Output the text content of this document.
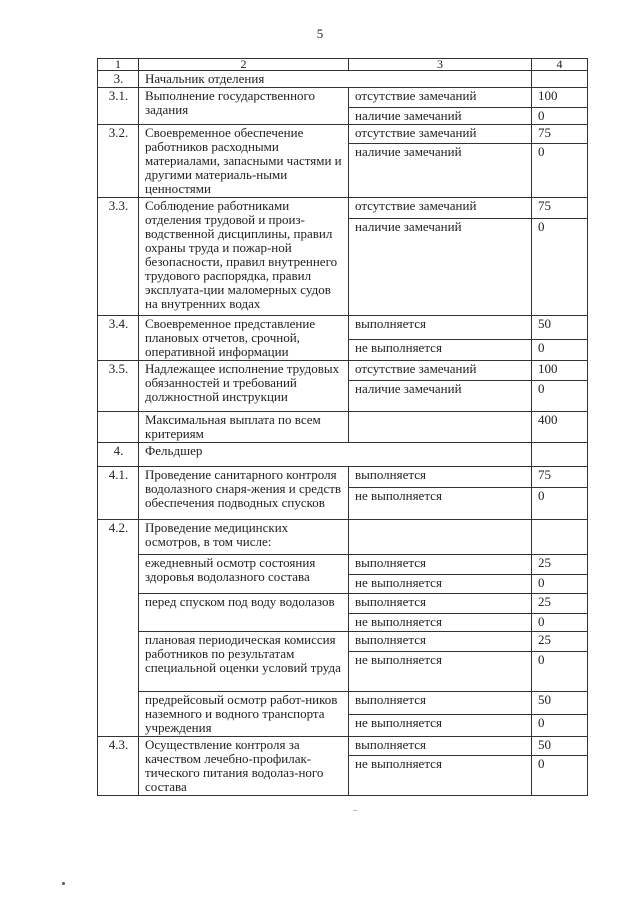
5
1	2	3	4
3.	Начальник отделения		
3.1.	Выполнение государственного задания	отсутствие замечаний	100
		наличие замечаний	0
3.2.	Своевременное обеспечение работников расходными материалами, запасными частями и другими материаль-ными ценностями	отсутствие замечаний	75
		наличие замечаний	0
3.3.	Соблюдение работниками отделения трудовой и произ-водственной дисциплины, правил охраны труда и пожар-ной безопасности, правил внутреннего трудового распорядка, правил эксплуата-ции маломерных судов на внутренних водах	отсутствие замечаний	75
		наличие замечаний	0
3.4.	Своевременное представление плановых отчетов, срочной, оперативной информации	выполняется	50
		не выполняется	0
3.5.	Надлежащее исполнение трудовых обязанностей и требований должностной инструкции	отсутствие замечаний	100
		наличие замечаний	0
	Максимальная выплата по всем критериям		400
4.	Фельдшер		
4.1.	Проведение санитарного контроля водолазного снаря-жения и средств обеспечения подводных спусков	выполняется	75
		не выполняется	0
4.2.	Проведение медицинских осмотров, в том числе:		
	ежедневный осмотр состояния здоровья водолазного состава	выполняется	25
		не выполняется	0
	перед спуском под воду водолазов	выполняется	25
		не выполняется	0
	плановая периодическая комиссия работников по результатам специальной оценки условий труда	выполняется	25
		не выполняется	0
	предрейсовый осмотр работ-ников наземного и водного транспорта учреждения	выполняется	50
		не выполняется	0
4.3.	Осуществление контроля за качеством лечебно-профилак-тического питания водолаз-ного состава	выполняется	50
		не выполняется	0
